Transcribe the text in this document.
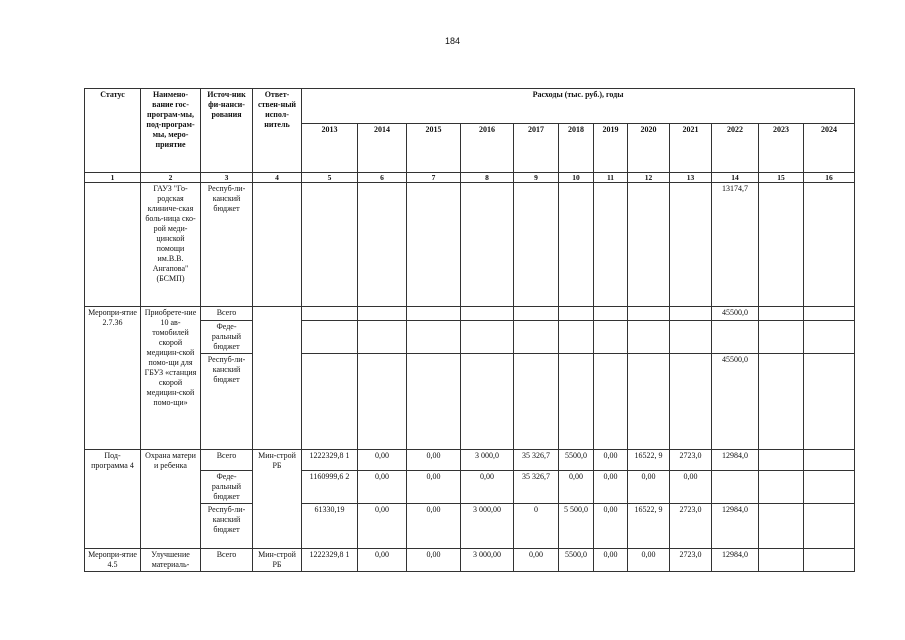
184
Статус	Наимено-вание гос-програм-мы, под-програм-мы, меро-приятие	Источ-ник фи-нанси-рования	Ответ-ствен-ный испол-нитель	Расходы (тыс. руб.), годы											
				2013	2014	2015	2016	2017	2018	2019	2020	2021	2022	2023	2024
1	2	3	4	5	6	7	8	9	10	11	12	13	14	15	16
	ГАУЗ "Го-родская клиниче-ская боль-ница ско-рой меди-цинской помощи им.В.В. Ангапова" (БСМП)	Респуб-ли-канский бюджет											13174,7		
Меропри-ятие 2.7.36	Приобрете-ние 10 ав-томобилей скорой медицин-ской помо-щи для ГБУЗ «станция скорой медицин-ской помо-щи»	Всего											45500,0		
		Феде-ральный бюджет													
		Респуб-ли-канский бюджет											45500,0		
Под-программа 4	Охрана матери и ребенка	Всего	Мин-строй РБ	1222329,8 1	0,00	0,00	3 000,0	35 326,7	5500,0	0,00	16522, 9	2723,0	12984,0		
		Феде-ральный бюджет		1160999,6 2	0,00	0,00	0,00	35 326,7	0,00	0,00	0,00	0,00			
		Респуб-ли-канский бюджет		61330,19	0,00	0,00	3 000,00	0	5 500,0	0,00	16522, 9	2723,0	12984,0		
Меропри-ятие 4.5	Улучшение материаль-	Всего	Мин-строй РБ	1222329,8 1	0,00	0,00	3 000,00	0,00	5500,0	0,00	0,00	2723,0	12984,0		
